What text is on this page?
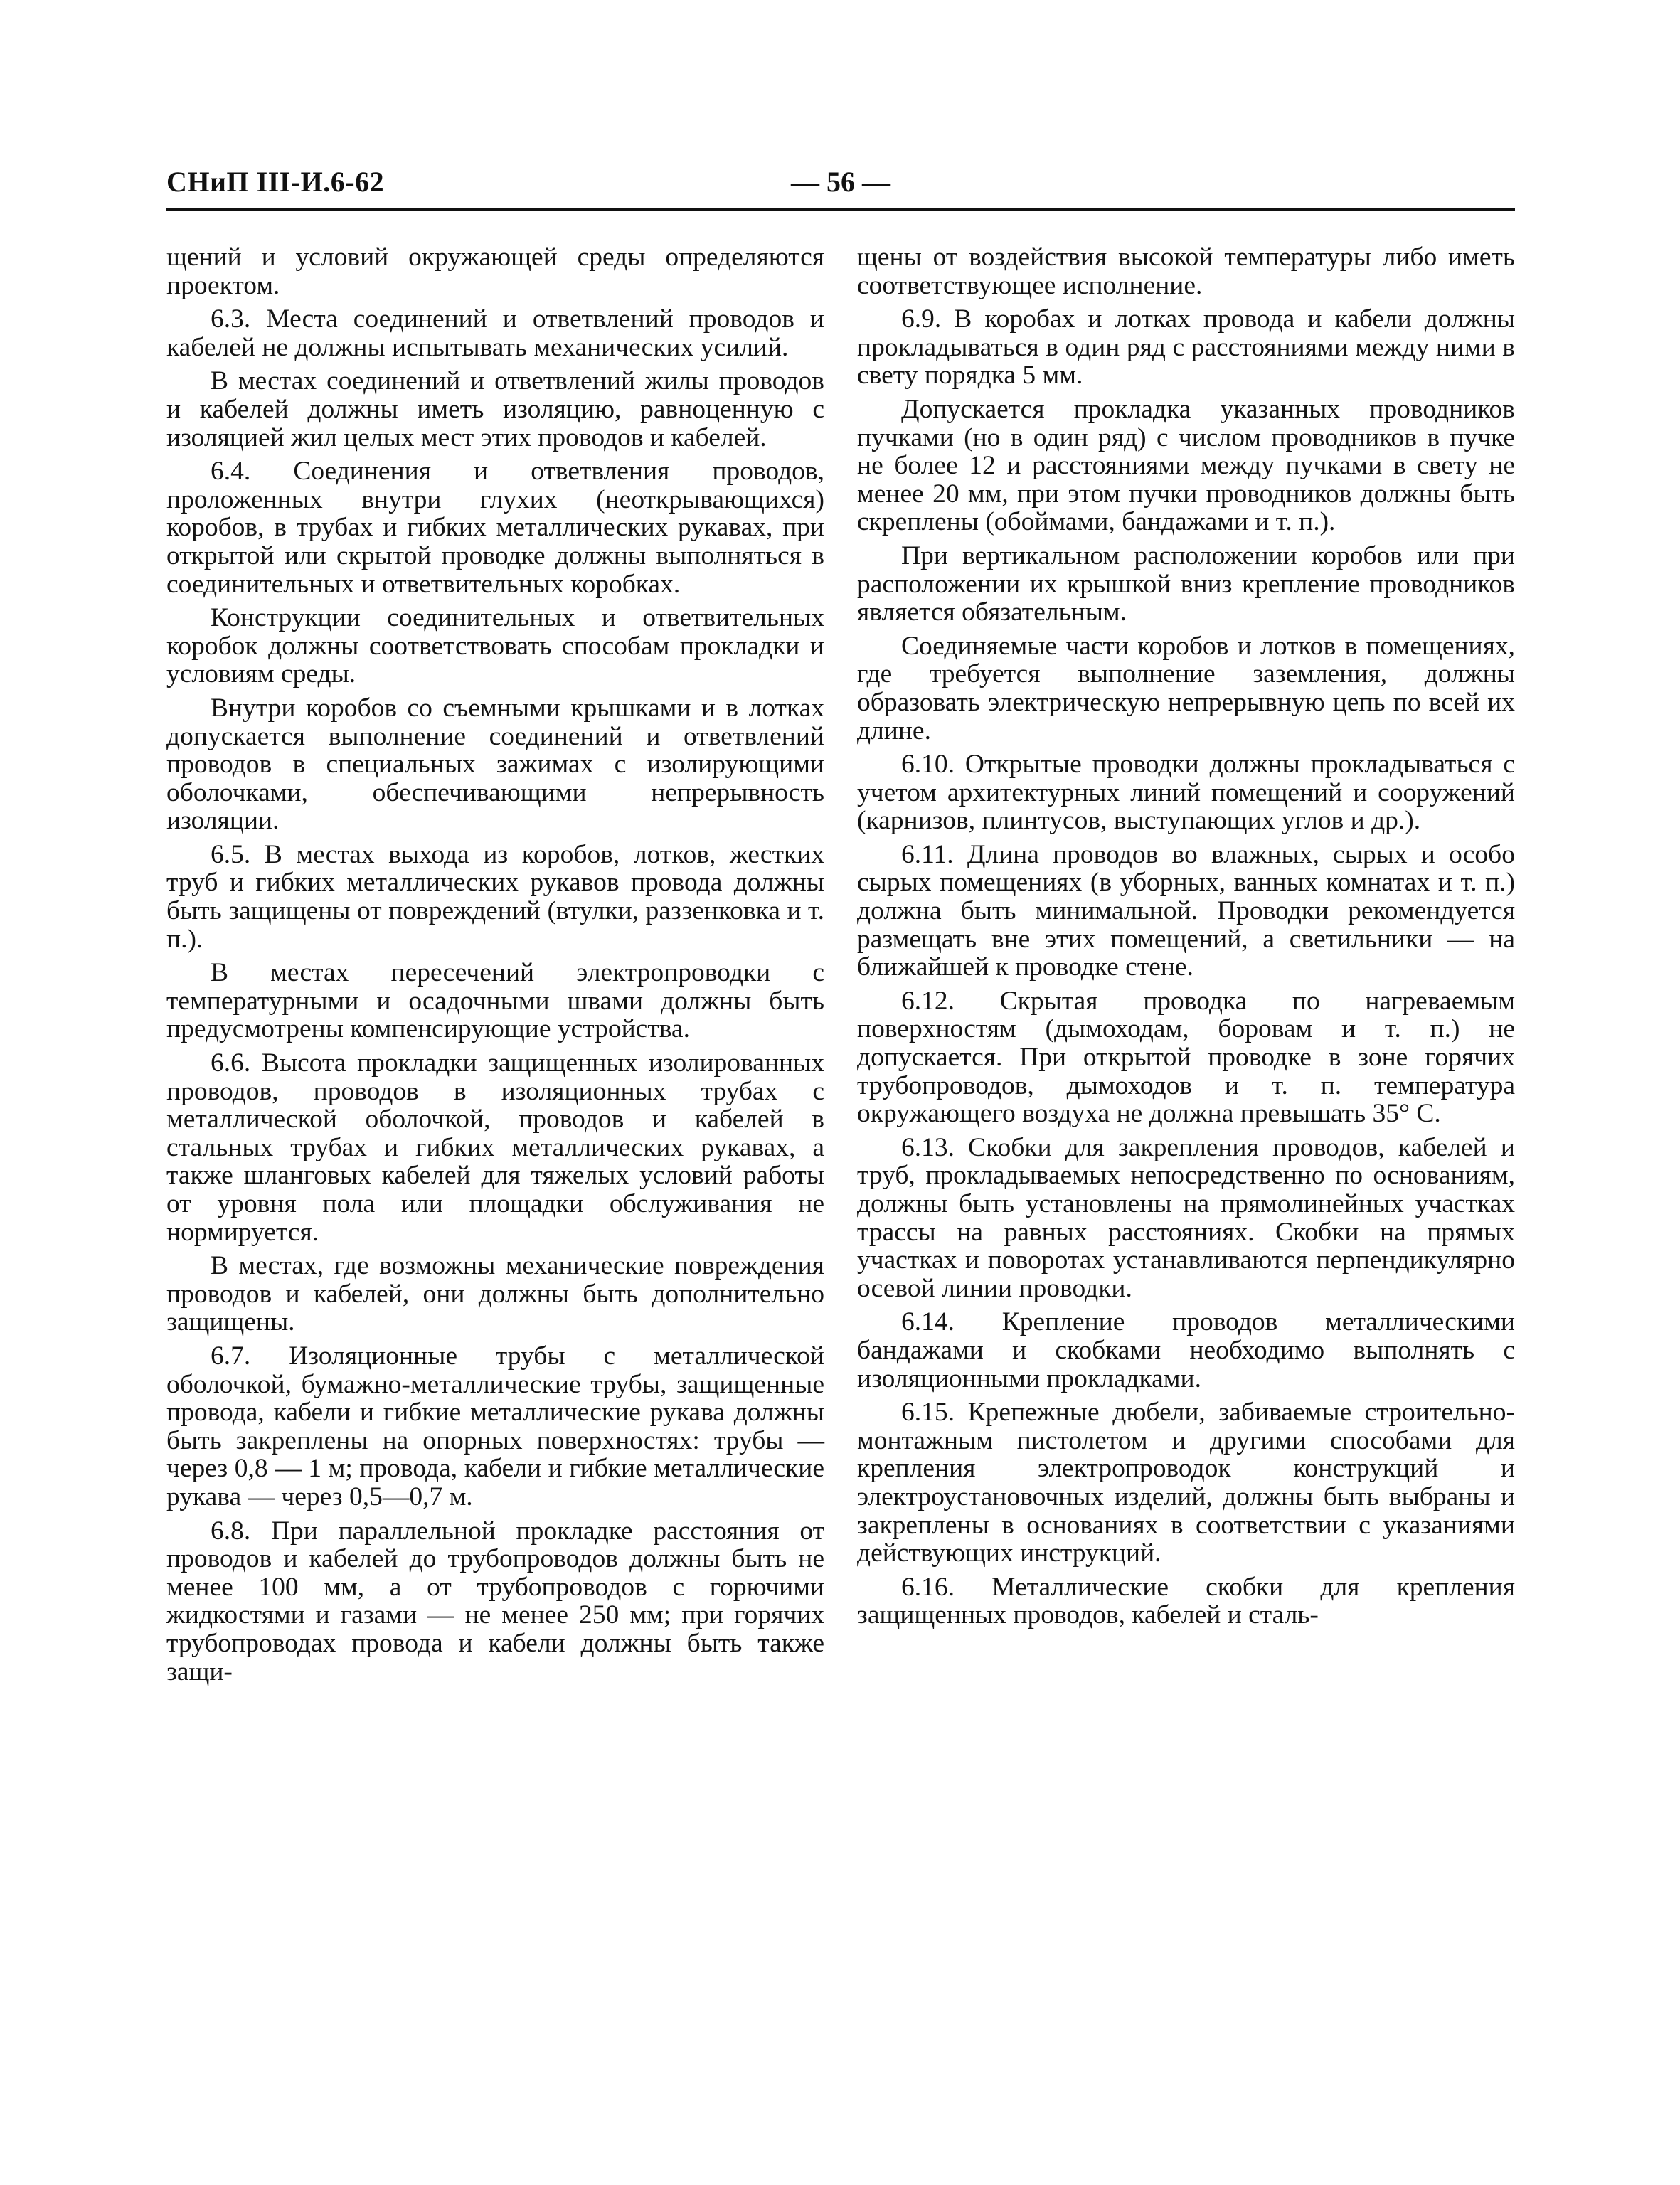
СНиП III-И.6-62	— 56 —

щений и условий окружающей среды определяются проектом.

6.3. Места соединений и ответвлений проводов и кабелей не должны испытывать механических усилий.

В местах соединений и ответвлений жилы проводов и кабелей должны иметь изоляцию, равноценную с изоляцией жил целых мест этих проводов и кабелей.

6.4. Соединения и ответвления проводов, проложенных внутри глухих (неоткрывающихся) коробов, в трубах и гибких металлических рукавах, при открытой или скрытой проводке должны выполняться в соединительных и ответвительных коробках.

Конструкции соединительных и ответвительных коробок должны соответствовать способам прокладки и условиям среды.

Внутри коробов со съемными крышками и в лотках допускается выполнение соединений и ответвлений проводов в специальных зажимах с изолирующими оболочками, обеспечивающими непрерывность изоляции.

6.5. В местах выхода из коробов, лотков, жестких труб и гибких металлических рукавов провода должны быть защищены от повреждений (втулки, раззенковка и т. п.).

В местах пересечений электропроводки с температурными и осадочными швами должны быть предусмотрены компенсирующие устройства.

6.6. Высота прокладки защищенных изолированных проводов, проводов в изоляционных трубах с металлической оболочкой, проводов и кабелей в стальных трубах и гибких металлических рукавах, а также шланговых кабелей для тяжелых условий работы от уровня пола или площадки обслуживания не нормируется.

В местах, где возможны механические повреждения проводов и кабелей, они должны быть дополнительно защищены.

6.7. Изоляционные трубы с металлической оболочкой, бумажно-металлические трубы, защищенные провода, кабели и гибкие металлические рукава должны быть закреплены на опорных поверхностях: трубы — через 0,8 — 1 м; провода, кабели и гибкие металлические рукава — через 0,5—0,7 м.

6.8. При параллельной прокладке расстояния от проводов и кабелей до трубопроводов должны быть не менее 100 мм, а от трубопроводов с горючими жидкостями и газами — не менее 250 мм; при горячих трубопроводах провода и кабели должны быть также защи-

щены от воздействия высокой температуры либо иметь соответствующее исполнение.

6.9. В коробах и лотках провода и кабели должны прокладываться в один ряд с расстояниями между ними в свету порядка 5 мм.

Допускается прокладка указанных проводников пучками (но в один ряд) с числом проводников в пучке не более 12 и расстояниями между пучками в свету не менее 20 мм, при этом пучки проводников должны быть скреплены (обоймами, бандажами и т. п.).

При вертикальном расположении коробов или при расположении их крышкой вниз крепление проводников является обязательным.

Соединяемые части коробов и лотков в помещениях, где требуется выполнение заземления, должны образовать электрическую непрерывную цепь по всей их длине.

6.10. Открытые проводки должны прокладываться с учетом архитектурных линий помещений и сооружений (карнизов, плинтусов, выступающих углов и др.).

6.11. Длина проводов во влажных, сырых и особо сырых помещениях (в уборных, ванных комнатах и т. п.) должна быть минимальной. Проводки рекомендуется размещать вне этих помещений, а светильники — на ближайшей к проводке стене.

6.12. Скрытая проводка по нагреваемым поверхностям (дымоходам, боровам и т. п.) не допускается. При открытой проводке в зоне горячих трубопроводов, дымоходов и т. п. температура окружающего воздуха не должна превышать 35° С.

6.13. Скобки для закрепления проводов, кабелей и труб, прокладываемых непосредственно по основаниям, должны быть установлены на прямолинейных участках трассы на равных расстояниях. Скобки на прямых участках и поворотах устанавливаются перпендикулярно осевой линии проводки.

6.14. Крепление проводов металлическими бандажами и скобками необходимо выполнять с изоляционными прокладками.

6.15. Крепежные дюбели, забиваемые строительно-монтажным пистолетом и другими способами для крепления электропроводок конструкций и электроустановочных изделий, должны быть выбраны и закреплены в основаниях в соответствии с указаниями действующих инструкций.

6.16. Металлические скобки для крепления защищенных проводов, кабелей и сталь-
